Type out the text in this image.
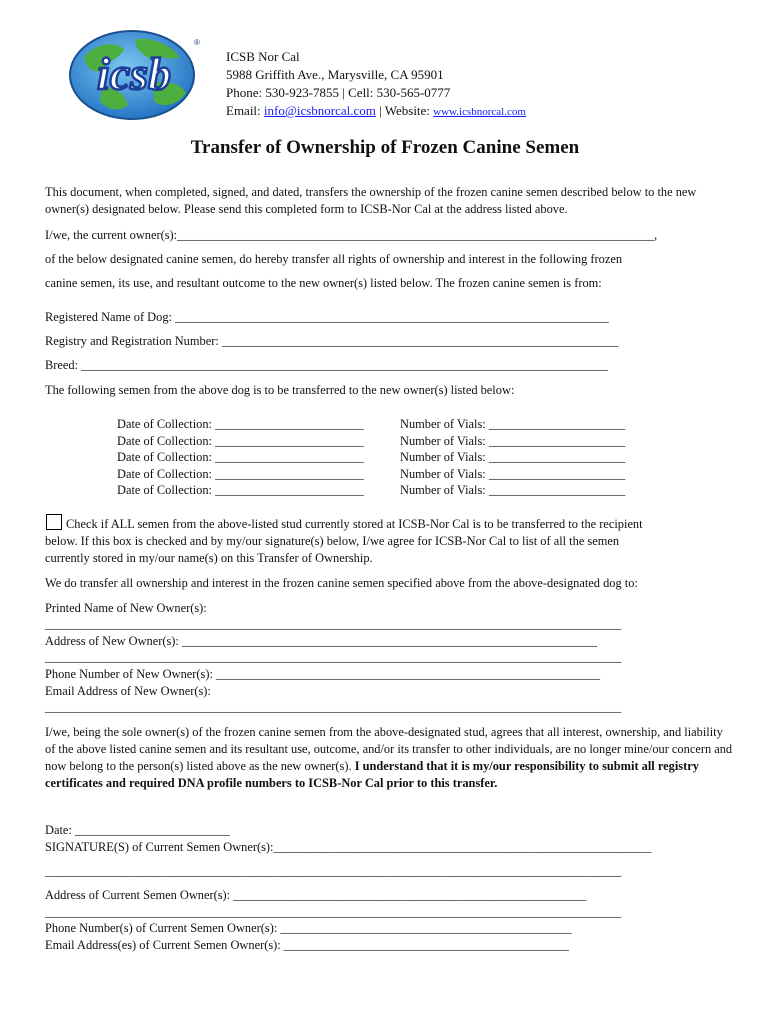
icsb
®
ICSB Nor Cal
5988 Griffith Ave., Marysville, CA 95901
Phone: 530-923-7855 | Cell: 530-565-0777
Email: info@icsbnorcal.com | Website: www.icsbnorcal.com
Transfer of Ownership of Frozen Canine Semen
This document, when completed, signed, and dated, transfers the ownership of the frozen canine semen described below to the new owner(s) designated below. Please send this completed form to ICSB-Nor Cal at the address listed above.
I/we, the current owner(s):_____________________________________________________________________________,
of the below designated canine semen, do hereby transfer all rights of ownership and interest in the following frozen
canine semen, its use, and resultant outcome to the new owner(s) listed below. The frozen canine semen is from:
Registered Name of Dog: ______________________________________________________________________
Registry and Registration Number: ________________________________________________________________
Breed: _____________________________________________________________________________________
The following semen from the above dog is to be transferred to the new owner(s) listed below:
Date of Collection: ________________________
Date of Collection: ________________________
Date of Collection: ________________________
Date of Collection: ________________________
Date of Collection: ________________________
Number of Vials: ______________________
Number of Vials: ______________________
Number of Vials: ______________________
Number of Vials: ______________________
Number of Vials: ______________________
Check if ALL semen from the above-listed stud currently stored at ICSB-Nor Cal is to be transferred to the recipient
below. If this box is checked and by my/our signature(s) below, I/we agree for ICSB-Nor Cal to list of all the semen
currently stored in my/our name(s) on this Transfer of Ownership.
We do transfer all ownership and interest in the frozen canine semen specified above from the above-designated dog to:
Printed Name of New Owner(s):
_____________________________________________________________________________________________
Address of New Owner(s): ___________________________________________________________________
_____________________________________________________________________________________________
Phone Number of New Owner(s): ______________________________________________________________
Email Address of New Owner(s):
_____________________________________________________________________________________________
I/we, being the sole owner(s) of the frozen canine semen from the above-designated stud, agrees that all interest, ownership, and liability of the above listed canine semen and its resultant use, outcome, and/or its transfer to other individuals, are no longer mine/our concern and now belong to the person(s) listed above as the new owner(s). I understand that it is my/our responsibility to submit all registry certificates and required DNA profile numbers to ICSB-Nor Cal prior to this transfer.
Date: _________________________
SIGNATURE(S) of Current Semen Owner(s):_____________________________________________________________
_____________________________________________________________________________________________
Address of Current Semen Owner(s): _________________________________________________________
_____________________________________________________________________________________________
Phone Number(s) of Current Semen Owner(s): _______________________________________________
Email Address(es) of Current Semen Owner(s): ______________________________________________
